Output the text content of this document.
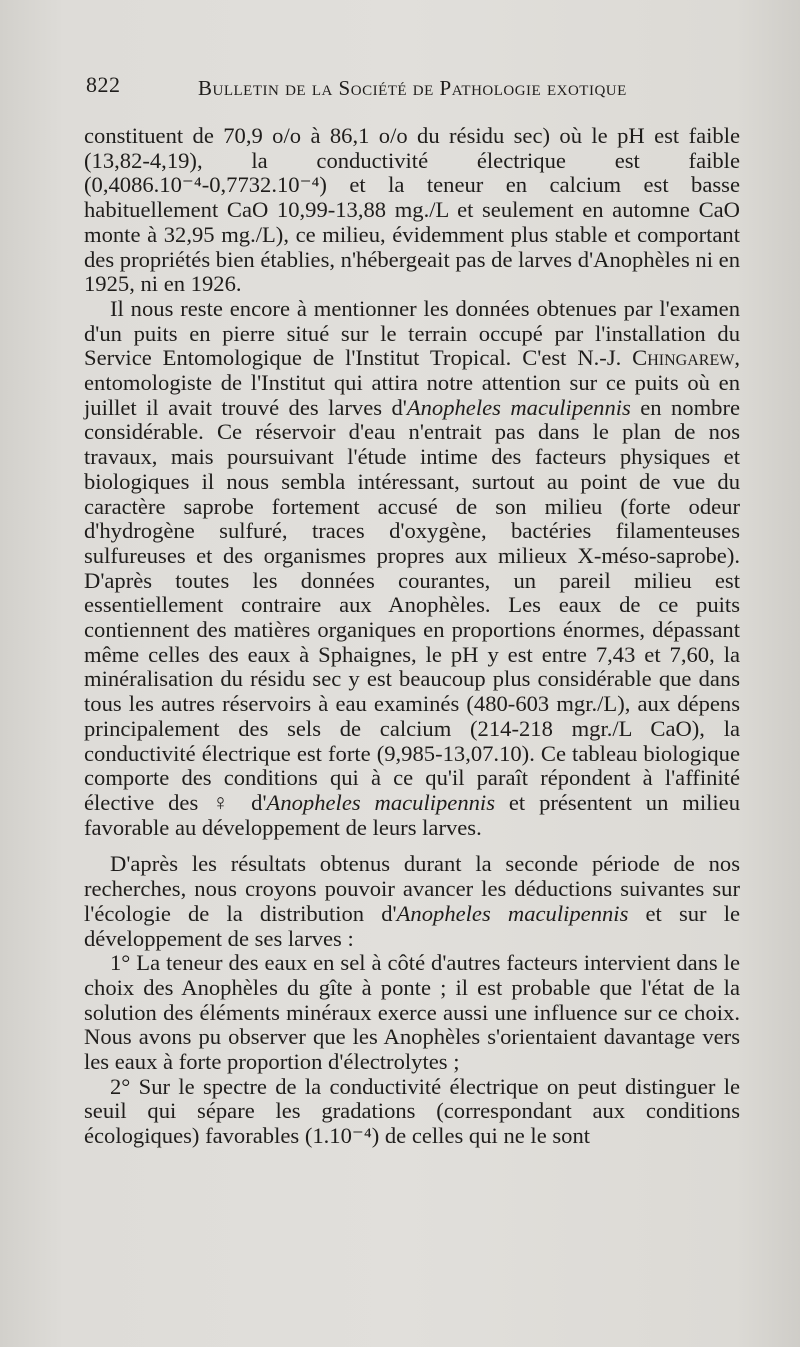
822	Bulletin de la Société de Pathologie exotique

constituent de 70,9 o/o à 86,1 o/o du résidu sec) où le pH est faible (13,82-4,19), la conductivité électrique est faible (0,4086.10⁻⁴-0,7732.10⁻⁴) et la teneur en calcium est basse habituellement CaO 10,99-13,88 mg./L et seulement en automne CaO monte à 32,95 mg./L), ce milieu, évidemment plus stable et comportant des propriétés bien établies, n'hébergeait pas de larves d'Anophèles ni en 1925, ni en 1926.

Il nous reste encore à mentionner les données obtenues par l'examen d'un puits en pierre situé sur le terrain occupé par l'installation du Service Entomologique de l'Institut Tropical. C'est N.-J. Chingarew, entomologiste de l'Institut qui attira notre attention sur ce puits où en juillet il avait trouvé des larves d'Anopheles maculipennis en nombre considérable. Ce réservoir d'eau n'entrait pas dans le plan de nos travaux, mais poursuivant l'étude intime des facteurs physiques et biologiques il nous sembla intéressant, surtout au point de vue du caractère saprobe fortement accusé de son milieu (forte odeur d'hydrogène sulfuré, traces d'oxygène, bactéries filamenteuses sulfureuses et des organismes propres aux milieux X-méso-saprobe). D'après toutes les données courantes, un pareil milieu est essentiellement contraire aux Anophèles. Les eaux de ce puits contiennent des matières organiques en proportions énormes, dépassant même celles des eaux à Sphaignes, le pH y est entre 7,43 et 7,60, la minéralisation du résidu sec y est beaucoup plus considérable que dans tous les autres réservoirs à eau examinés (480-603 mgr./L), aux dépens principalement des sels de calcium (214-218 mgr./L CaO), la conductivité électrique est forte (9,985-13,07.10). Ce tableau biologique comporte des conditions qui à ce qu'il paraît répondent à l'affinité élective des ♀ d'Anopheles maculipennis et présentent un milieu favorable au développement de leurs larves.

D'après les résultats obtenus durant la seconde période de nos recherches, nous croyons pouvoir avancer les déductions suivantes sur l'écologie de la distribution d'Anopheles maculipennis et sur le développement de ses larves :

1° La teneur des eaux en sel à côté d'autres facteurs intervient dans le choix des Anophèles du gîte à ponte ; il est probable que l'état de la solution des éléments minéraux exerce aussi une influence sur ce choix. Nous avons pu observer que les Anophèles s'orientaient davantage vers les eaux à forte proportion d'électrolytes ;

2° Sur le spectre de la conductivité électrique on peut distinguer le seuil qui sépare les gradations (correspondant aux conditions écologiques) favorables (1.10⁻⁴) de celles qui ne le sont
